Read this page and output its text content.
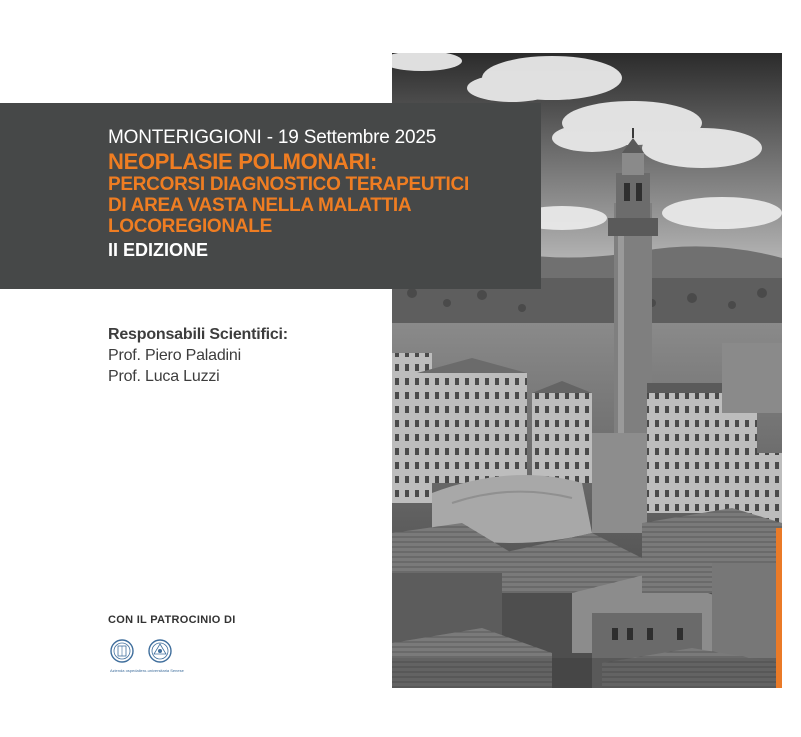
MONTERIGGIONI - 19 Settembre 2025
NEOPLASIE POLMONARI:
PERCORSI DIAGNOSTICO TERAPEUTICI
DI AREA VASTA NELLA MALATTIA
LOCOREGIONALE
II EDIZIONE
Responsabili Scientifici:
Prof. Piero Paladini
Prof. Luca Luzzi
CON IL PATROCINIO DI
Azienda ospedaliero-universitaria Senese
